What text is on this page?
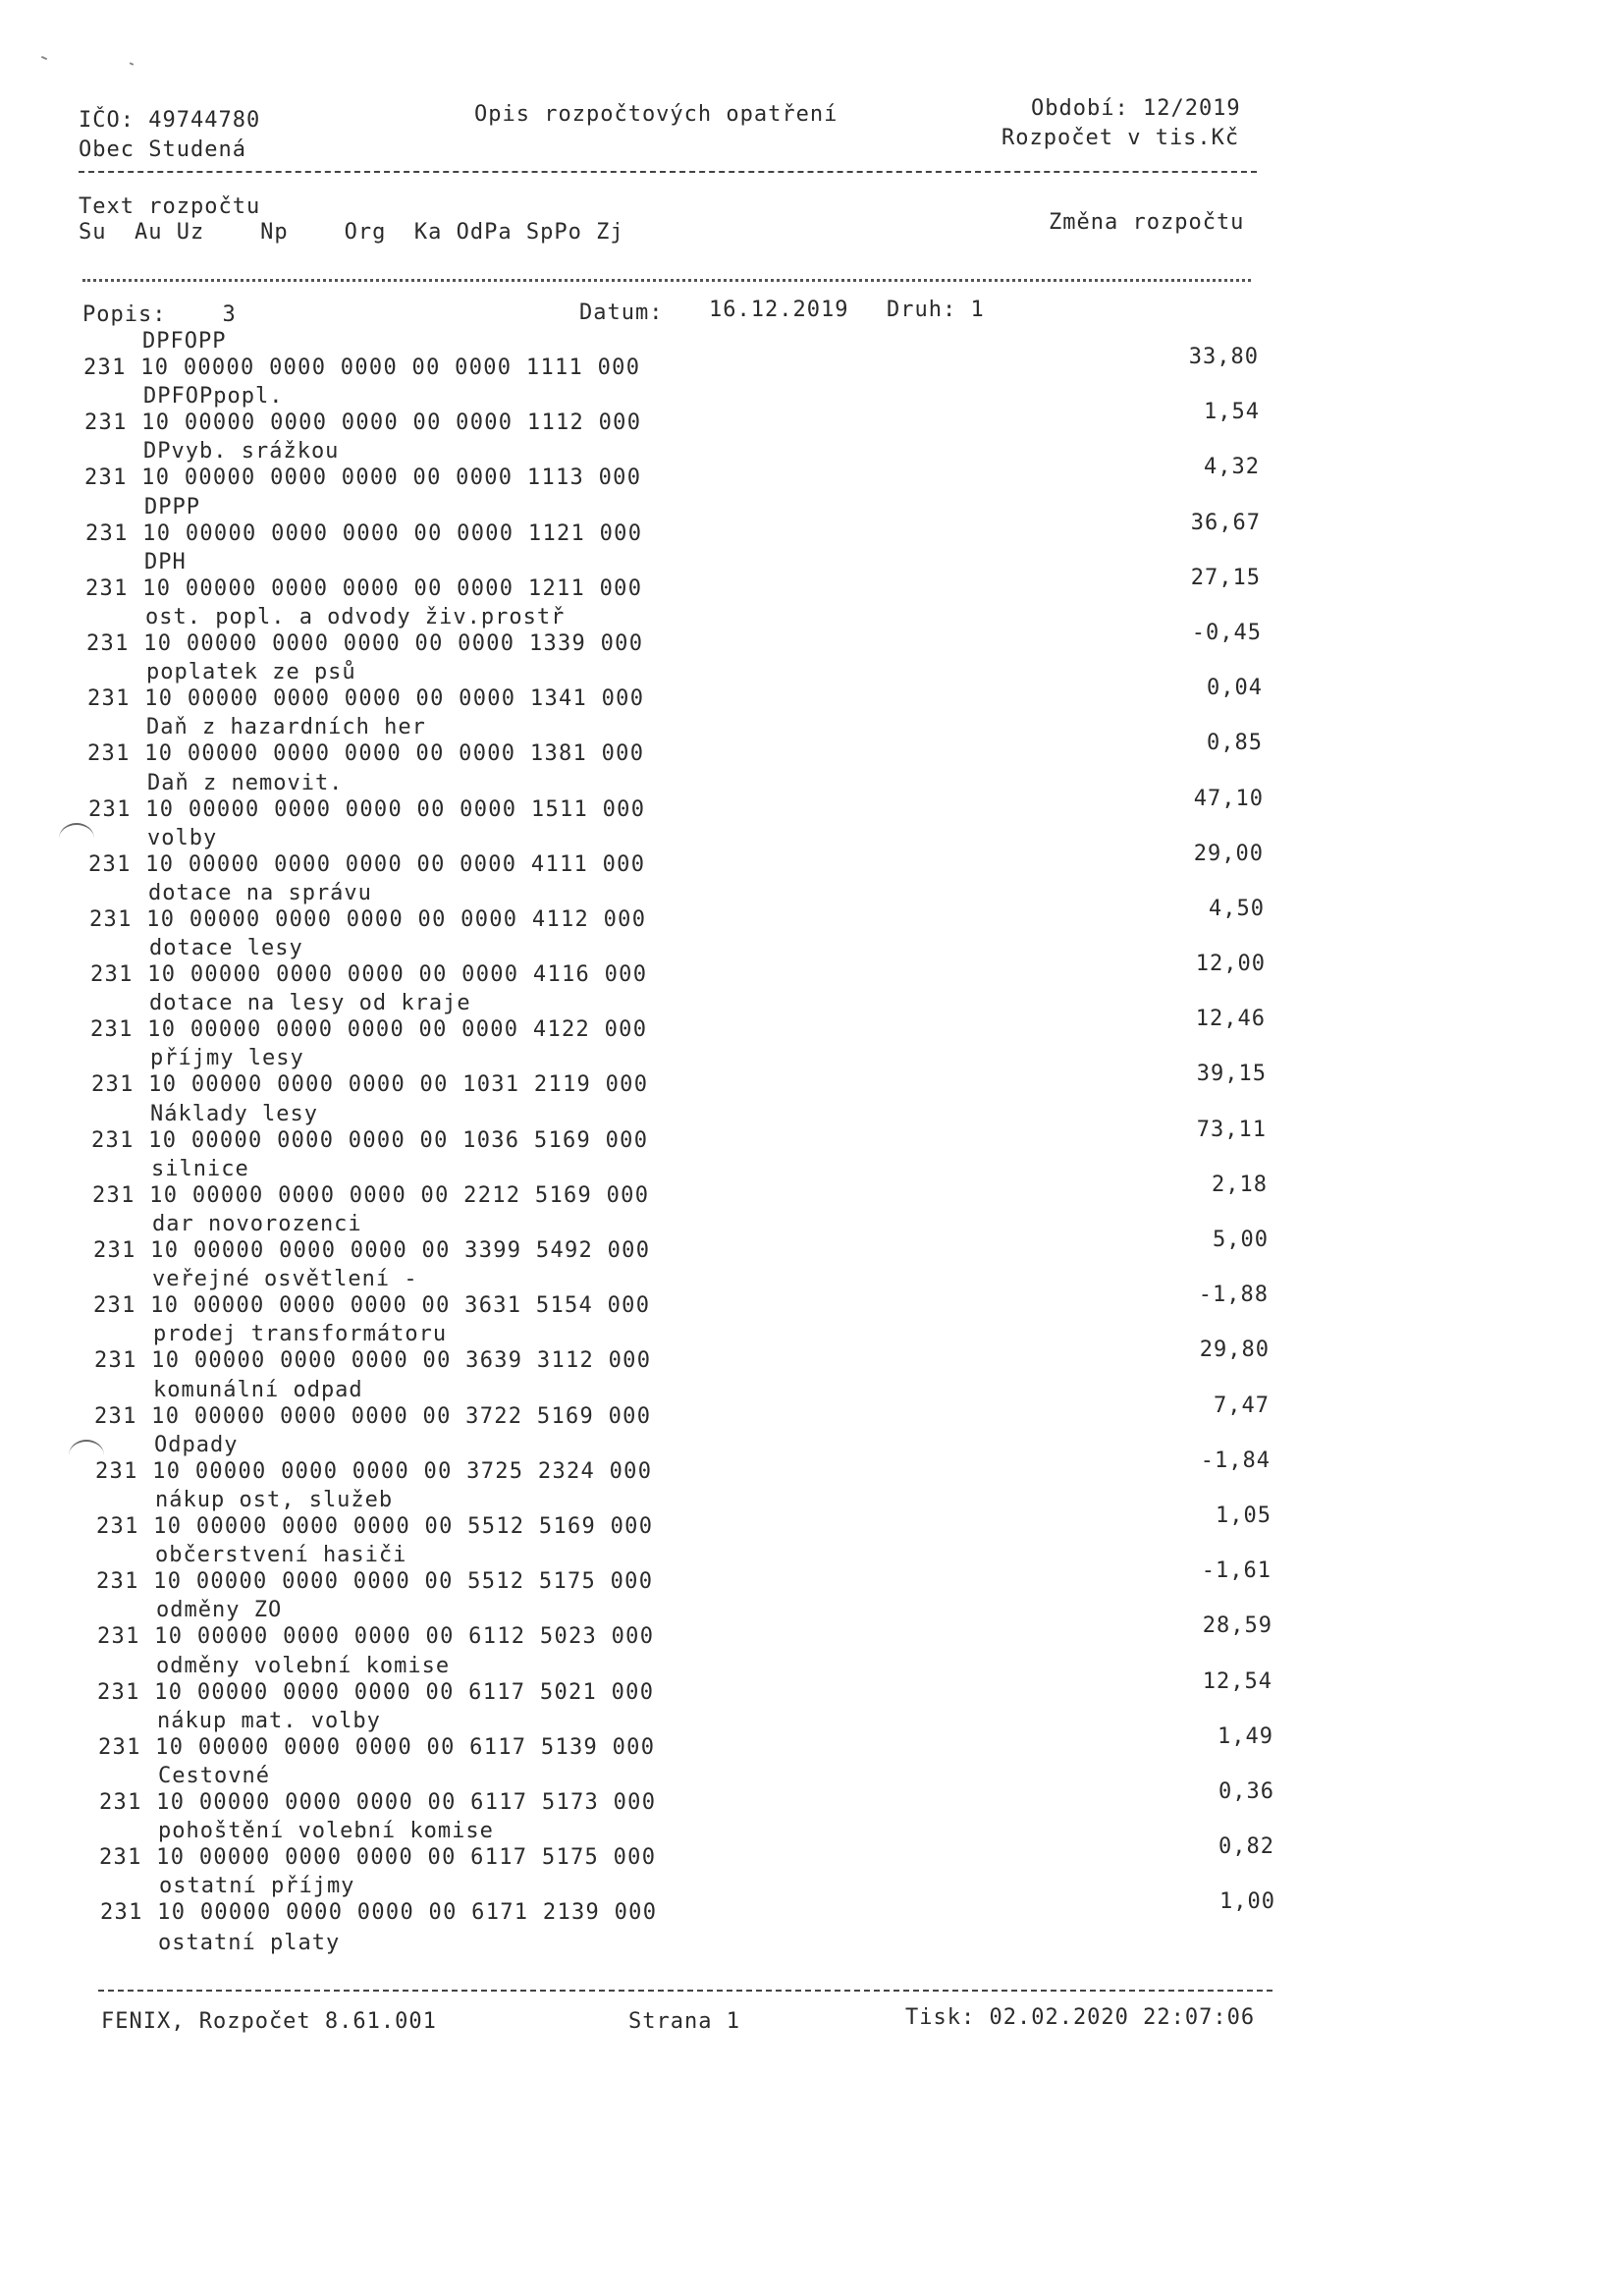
IČO: 49744780
Obec Studená
Opis rozpočtových opatření	Období: 12/2019
Rozpočet v tis.Kč
Text rozpočtu
Su  Au Uz    Np    Org  Ka OdPa SpPo Zj	Změna rozpočtu
Popis:    3	Datum: 16.12.2019 Druh: 1
DPFOPP
231 10 00000 0000 0000 00 0000 1111 000	33,80
DPFOPpopl.
231 10 00000 0000 0000 00 0000 1112 000	1,54
DPvyb. srážkou
231 10 00000 0000 0000 00 0000 1113 000	4,32
DPPP
231 10 00000 0000 0000 00 0000 1121 000	36,67
DPH
231 10 00000 0000 0000 00 0000 1211 000	27,15
ost. popl. a odvody živ.prostř
231 10 00000 0000 0000 00 0000 1339 000	-0,45
poplatek ze psů
231 10 00000 0000 0000 00 0000 1341 000	0,04
Daň z hazardních her
231 10 00000 0000 0000 00 0000 1381 000	0,85
Daň z nemovit.
231 10 00000 0000 0000 00 0000 1511 000	47,10
volby
231 10 00000 0000 0000 00 0000 4111 000	29,00
dotace na správu
231 10 00000 0000 0000 00 0000 4112 000	4,50
dotace lesy
231 10 00000 0000 0000 00 0000 4116 000	12,00
dotace na lesy od kraje
231 10 00000 0000 0000 00 0000 4122 000	12,46
příjmy lesy
231 10 00000 0000 0000 00 1031 2119 000	39,15
Náklady lesy
231 10 00000 0000 0000 00 1036 5169 000	73,11
silnice
231 10 00000 0000 0000 00 2212 5169 000	2,18
dar novorozenci
231 10 00000 0000 0000 00 3399 5492 000	5,00
veřejné osvětlení -
231 10 00000 0000 0000 00 3631 5154 000	-1,88
prodej transformátoru
231 10 00000 0000 0000 00 3639 3112 000	29,80
komunální odpad
231 10 00000 0000 0000 00 3722 5169 000	7,47
Odpady
231 10 00000 0000 0000 00 3725 2324 000	-1,84
nákup ost, služeb
231 10 00000 0000 0000 00 5512 5169 000	1,05
občerstvení hasiči
231 10 00000 0000 0000 00 5512 5175 000	-1,61
odměny ZO
231 10 00000 0000 0000 00 6112 5023 000	28,59
odměny volební komise
231 10 00000 0000 0000 00 6117 5021 000	12,54
nákup mat. volby
231 10 00000 0000 0000 00 6117 5139 000	1,49
Cestovné
231 10 00000 0000 0000 00 6117 5173 000	0,36
pohoštění volební komise
231 10 00000 0000 0000 00 6117 5175 000	0,82
ostatní příjmy
231 10 00000 0000 0000 00 6171 2139 000	1,00
ostatní platy
FENIX, Rozpočet 8.61.001	Strana 1	Tisk: 02.02.2020 22:07:06
